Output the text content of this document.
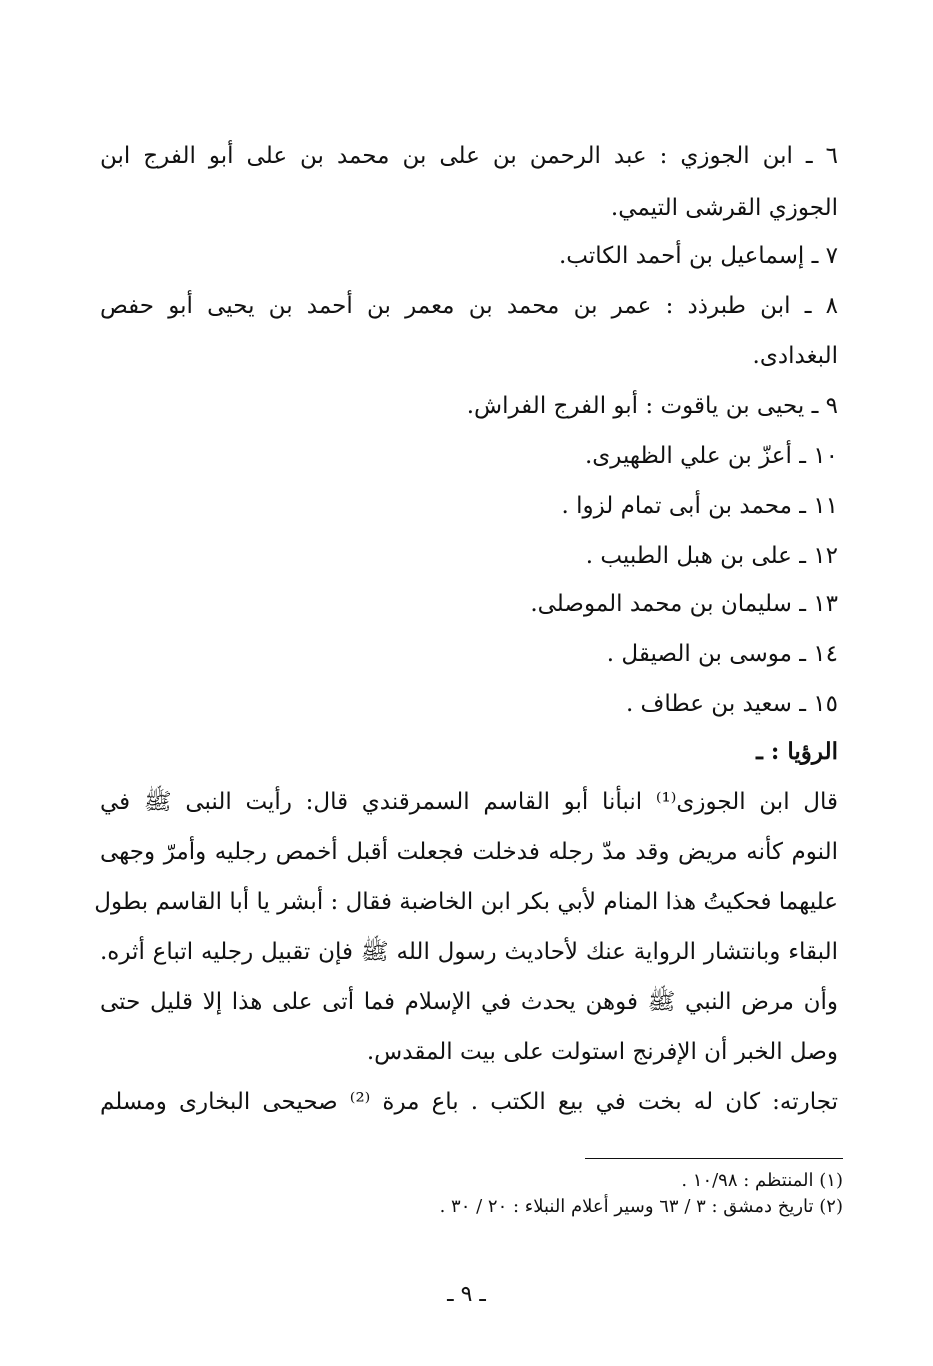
٦ ـ ابن الجوزي : عبد الرحمن بن على بن محمد بن على أبو الفرج ابن
الجوزي القرشى التيمي.
٧ ـ إسماعيل بن أحمد الكاتب.
٨ ـ ابن طبرذد : عمر بن محمد بن معمر بن أحمد بن يحيى أبو حفص
البغدادى.
٩ ـ يحيى بن ياقوت : أبو الفرج الفراش.
١٠ ـ أعزّ بن علي الظهيرى.
١١ ـ محمد بن أبى تمام لزوا .
١٢ ـ على بن هبل الطبيب .
١٣ ـ سليمان بن محمد الموصلى.
١٤ ـ موسى بن الصيقل .
١٥ ـ سعيد بن عطاف .
الرؤيا : ـ
قال ابن الجوزى⁽¹⁾ انبأنا أبو القاسم السمرقندي قال: رأيت النبى ﷺ في
النوم كأنه مريض وقد مدّ رجله فدخلت فجعلت أقبل أخمص رجليه وأمرّ وجهى
عليهما فحكيتُ هذا المنام لأبي بكر ابن الخاضبة فقال : أبشر يا أبا القاسم بطول
البقاء وبانتشار الرواية عنك لأحاديث رسول الله ﷺ فإن تقبيل رجليه اتباع أثره.
وأن مرض النبي ﷺ فوهن يحدث في الإسلام فما أتى على هذا إلا قليل حتى
وصل الخبر أن الإفرنج استولت على بيت المقدس.
تجارته: كان له بخت في بيع الكتب . باع مرة ⁽²⁾ صحيحى البخارى ومسلم
(١) المنتظم : ١٠/٩٨ .
(٢) تاريخ دمشق : ٣ / ٦٣ وسير أعلام النبلاء : ٢٠ / ٣٠ .
ـ ٩ ـ
